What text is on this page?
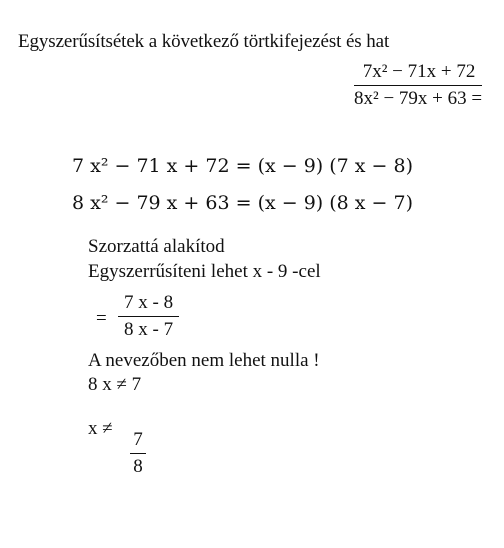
Egyszerűsítsétek a következő törtkifejezést és hat
7x² − 71x + 72
8x² − 79x + 63 =
7 x² − 71 x + 72 = (x − 9) (7 x − 8)
8 x² − 79 x + 63 = (x − 9) (8 x − 7)
Szorzattá alakítod
Egyszerrűsíteni lehet x - 9 -cel
=
7 x - 8
8 x - 7
A nevezőben nem lehet nulla !
8 x ≠ 7
x ≠
7
8
